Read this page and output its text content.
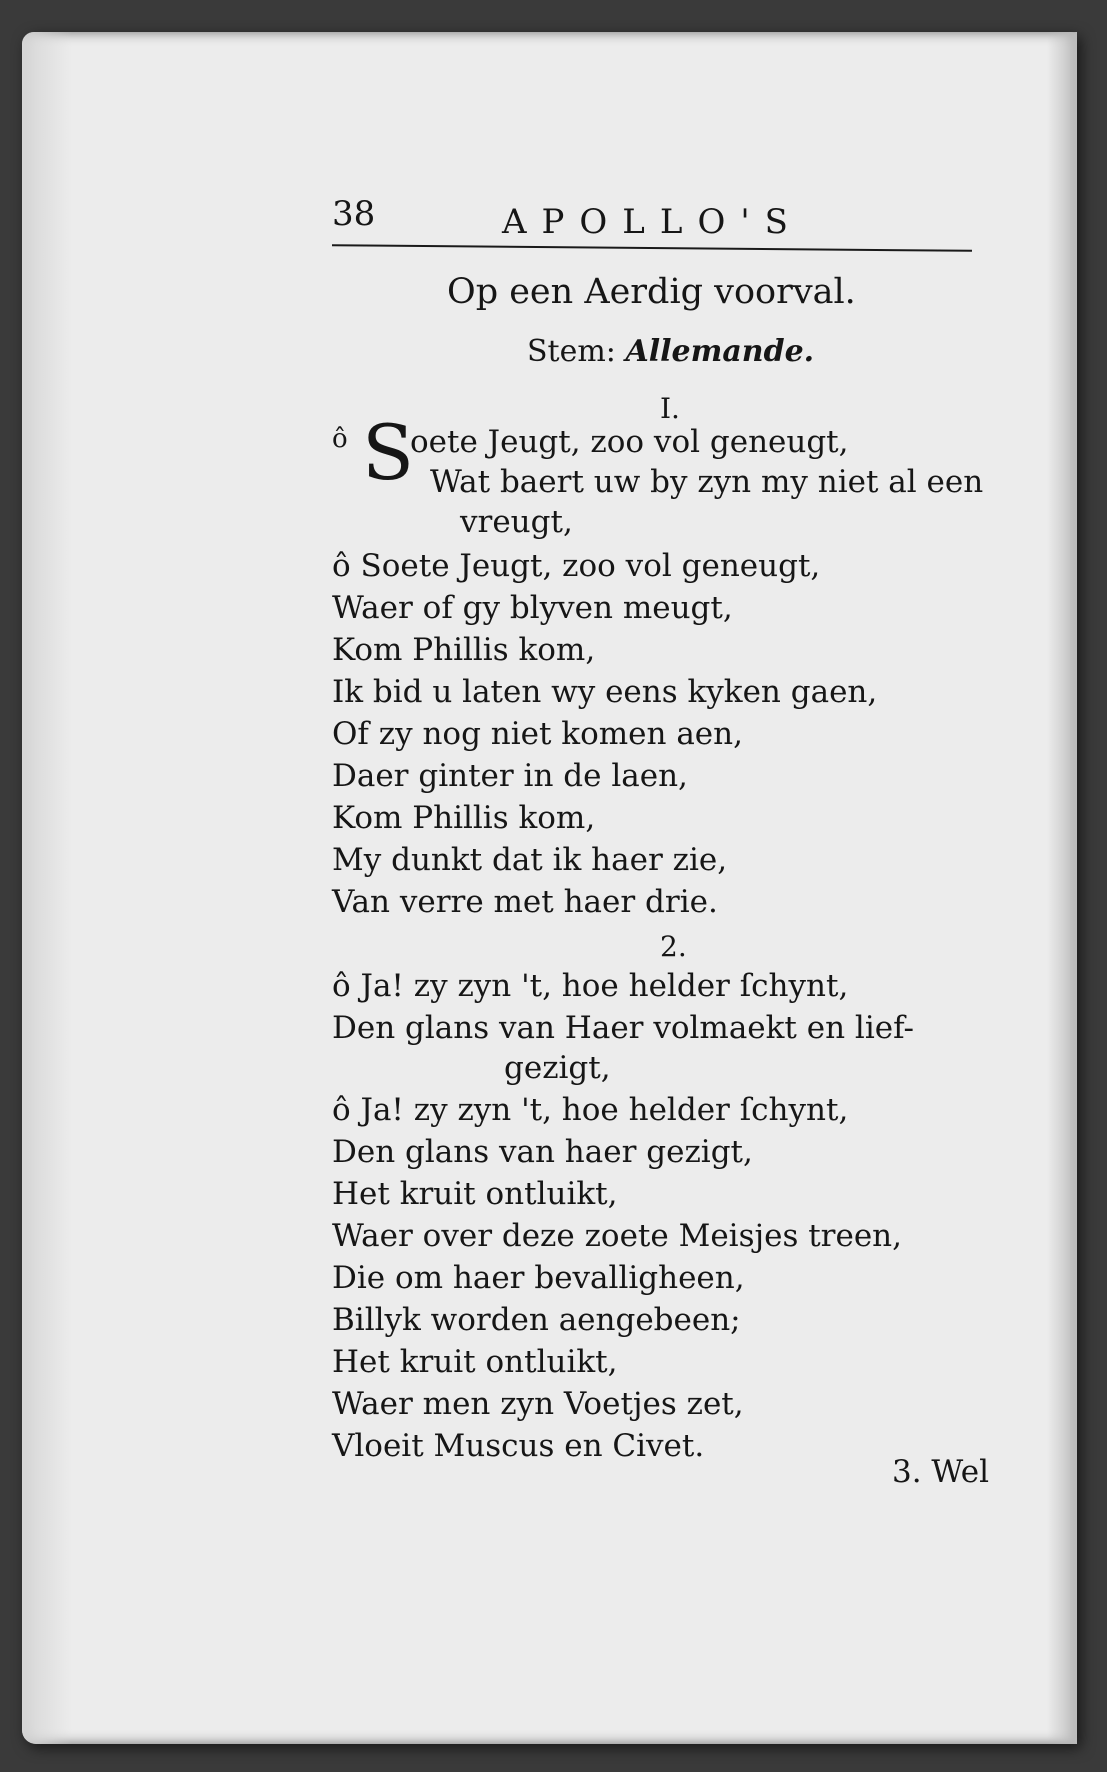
38	APOLLO'S
Op een Aerdig voorval.
Stem: Allemande.
I.
ô S
oete Jeugt, zoo vol geneugt,
Wat baert uw by zyn my niet al een
vreugt,
ô Soete Jeugt, zoo vol geneugt,
Waer of gy blyven meugt,
Kom Phillis kom,
Ik bid u laten wy eens kyken gaen,
Of zy nog niet komen aen,
Daer ginter in de laen,
Kom Phillis kom,
My dunkt dat ik haer zie,
Van verre met haer drie.
2.
ô Ja! zy zyn 't, hoe helder ſchynt,
Den glans van Haer volmaekt en lief-
gezigt,
ô Ja! zy zyn 't, hoe helder ſchynt,
Den glans van haer gezigt,
Het kruit ontluikt,
Waer over deze zoete Meisjes treen,
Die om haer bevalligheen,
Billyk worden aengebeen;
Het kruit ontluikt,
Waer men zyn Voetjes zet,
Vloeit Muscus en Civet.
3. Wel
